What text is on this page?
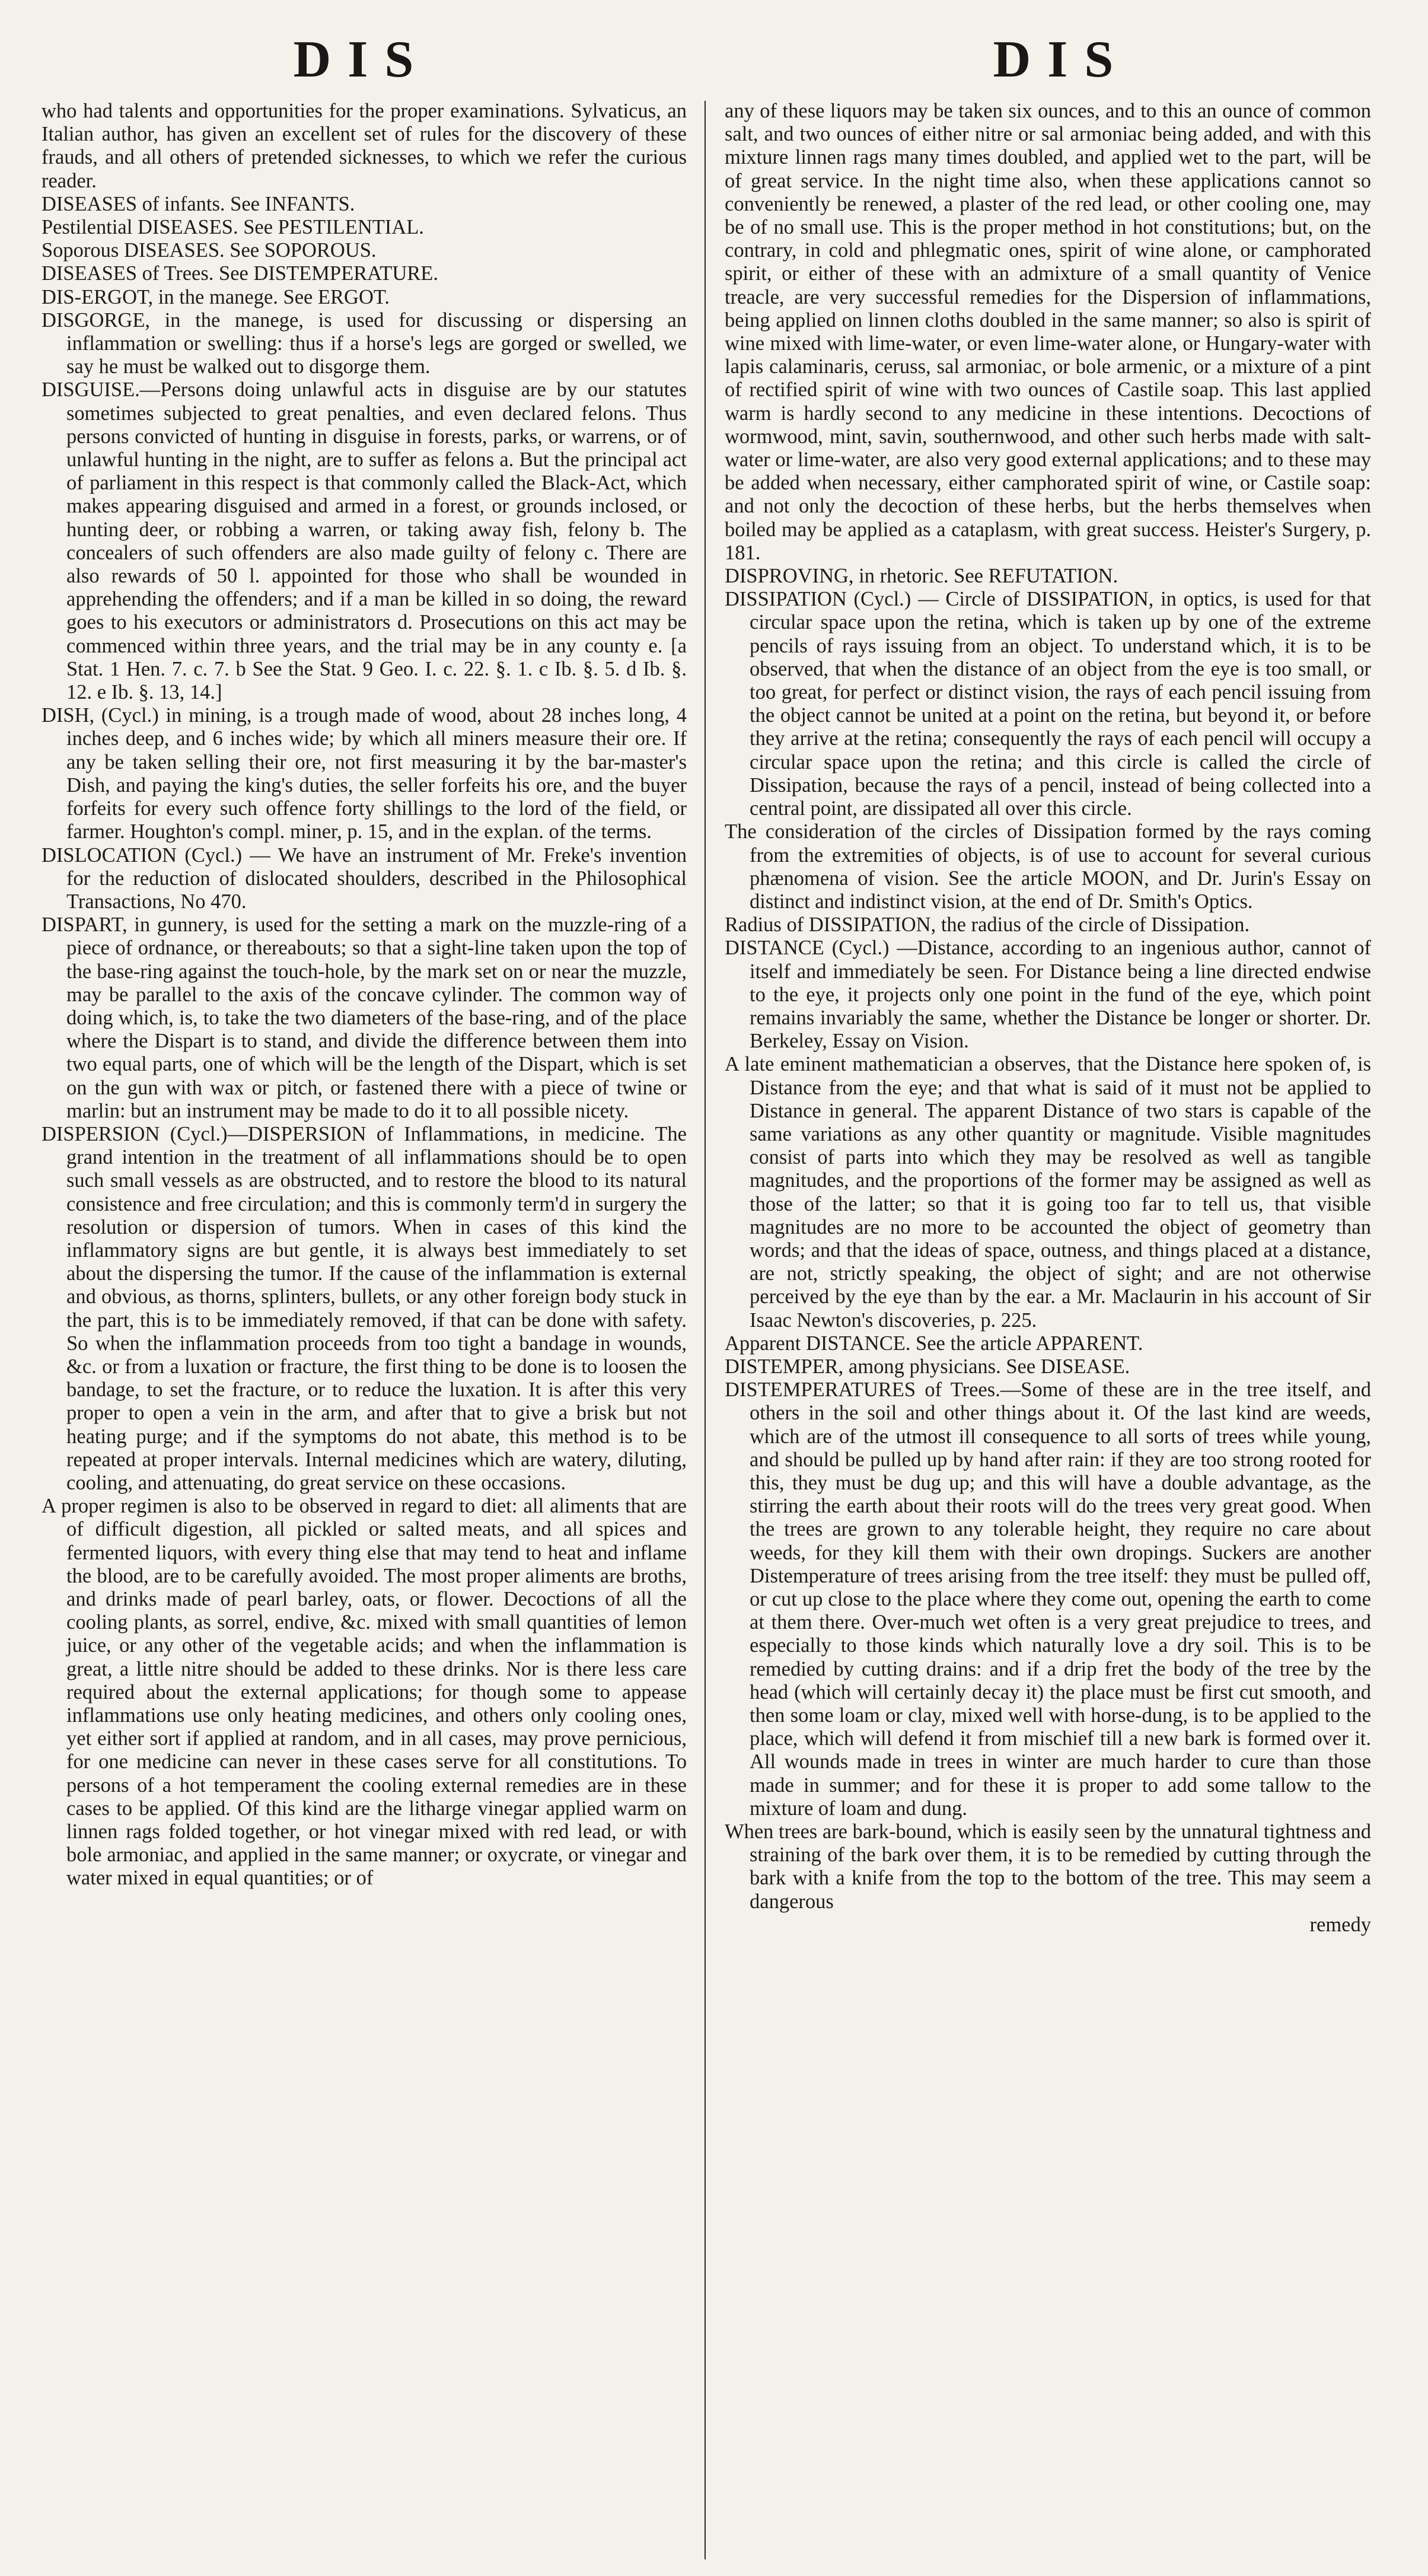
DIS	DIS

who had talents and opportunities for the proper examinations. Sylvaticus, an Italian author, has given an excellent set of rules for the discovery of these frauds, and all others of pretended sicknesses, to which we refer the curious reader.

DISEASES of infants. See INFANTS.

Pestilential DISEASES. See PESTILENTIAL.

Soporous DISEASES. See SOPOROUS.

DISEASES of Trees. See DISTEMPERATURE.

DIS-ERGOT, in the manege. See ERGOT.

DISGORGE, in the manege, is used for discussing or dispersing an inflammation or swelling: thus if a horse's legs are gorged or swelled, we say he must be walked out to disgorge them.

DISGUISE.—Persons doing unlawful acts in disguise are by our statutes sometimes subjected to great penalties, and even declared felons. Thus persons convicted of hunting in disguise in forests, parks, or warrens, or of unlawful hunting in the night, are to suffer as felons a. But the principal act of parliament in this respect is that commonly called the Black-Act, which makes appearing disguised and armed in a forest, or grounds inclosed, or hunting deer, or robbing a warren, or taking away fish, felony b. The concealers of such offenders are also made guilty of felony c. There are also rewards of 50 l. appointed for those who shall be wounded in apprehending the offenders; and if a man be killed in so doing, the reward goes to his executors or administrators d. Prosecutions on this act may be commenced within three years, and the trial may be in any county e. [a Stat. 1 Hen. 7. c. 7. b See the Stat. 9 Geo. I. c. 22. §. 1. c Ib. §. 5. d Ib. §. 12. e Ib. §. 13, 14.]

DISH, (Cycl.) in mining, is a trough made of wood, about 28 inches long, 4 inches deep, and 6 inches wide; by which all miners measure their ore. If any be taken selling their ore, not first measuring it by the bar-master's Dish, and paying the king's duties, the seller forfeits his ore, and the buyer forfeits for every such offence forty shillings to the lord of the field, or farmer. Houghton's compl. miner, p. 15, and in the explan. of the terms.

DISLOCATION (Cycl.) — We have an instrument of Mr. Freke's invention for the reduction of dislocated shoulders, described in the Philosophical Transactions, No 470.

DISPART, in gunnery, is used for the setting a mark on the muzzle-ring of a piece of ordnance, or thereabouts; so that a sight-line taken upon the top of the base-ring against the touch-hole, by the mark set on or near the muzzle, may be parallel to the axis of the concave cylinder. The common way of doing which, is, to take the two diameters of the base-ring, and of the place where the Dispart is to stand, and divide the difference between them into two equal parts, one of which will be the length of the Dispart, which is set on the gun with wax or pitch, or fastened there with a piece of twine or marlin: but an instrument may be made to do it to all possible nicety.

DISPERSION (Cycl.)—DISPERSION of Inflammations, in medicine. The grand intention in the treatment of all inflammations should be to open such small vessels as are obstructed, and to restore the blood to its natural consistence and free circulation; and this is commonly term'd in surgery the resolution or dispersion of tumors. When in cases of this kind the inflammatory signs are but gentle, it is always best immediately to set about the dispersing the tumor. If the cause of the inflammation is external and obvious, as thorns, splinters, bullets, or any other foreign body stuck in the part, this is to be immediately removed, if that can be done with safety. So when the inflammation proceeds from too tight a bandage in wounds, &c. or from a luxation or fracture, the first thing to be done is to loosen the bandage, to set the fracture, or to reduce the luxation. It is after this very proper to open a vein in the arm, and after that to give a brisk but not heating purge; and if the symptoms do not abate, this method is to be repeated at proper intervals. Internal medicines which are watery, diluting, cooling, and attenuating, do great service on these occasions.

A proper regimen is also to be observed in regard to diet: all aliments that are of difficult digestion, all pickled or salted meats, and all spices and fermented liquors, with every thing else that may tend to heat and inflame the blood, are to be carefully avoided. The most proper aliments are broths, and drinks made of pearl barley, oats, or flower. Decoctions of all the cooling plants, as sorrel, endive, &c. mixed with small quantities of lemon juice, or any other of the vegetable acids; and when the inflammation is great, a little nitre should be added to these drinks. Nor is there less care required about the external applications; for though some to appease inflammations use only heating medicines, and others only cooling ones, yet either sort if applied at random, and in all cases, may prove pernicious, for one medicine can never in these cases serve for all constitutions. To persons of a hot temperament the cooling external remedies are in these cases to be applied. Of this kind are the litharge vinegar applied warm on linnen rags folded together, or hot vinegar mixed with red lead, or with bole armoniac, and applied in the same manner; or oxycrate, or vinegar and water mixed in equal quantities; or of

any of these liquors may be taken six ounces, and to this an ounce of common salt, and two ounces of either nitre or sal armoniac being added, and with this mixture linnen rags many times doubled, and applied wet to the part, will be of great service. In the night time also, when these applications cannot so conveniently be renewed, a plaster of the red lead, or other cooling one, may be of no small use. This is the proper method in hot constitutions; but, on the contrary, in cold and phlegmatic ones, spirit of wine alone, or camphorated spirit, or either of these with an admixture of a small quantity of Venice treacle, are very successful remedies for the Dispersion of inflammations, being applied on linnen cloths doubled in the same manner; so also is spirit of wine mixed with lime-water, or even lime-water alone, or Hungary-water with lapis calaminaris, ceruss, sal armoniac, or bole armenic, or a mixture of a pint of rectified spirit of wine with two ounces of Castile soap. This last applied warm is hardly second to any medicine in these intentions. Decoctions of wormwood, mint, savin, southernwood, and other such herbs made with salt-water or lime-water, are also very good external applications; and to these may be added when necessary, either camphorated spirit of wine, or Castile soap: and not only the decoction of these herbs, but the herbs themselves when boiled may be applied as a cataplasm, with great success. Heister's Surgery, p. 181.

DISPROVING, in rhetoric. See REFUTATION.

DISSIPATION (Cycl.) — Circle of DISSIPATION, in optics, is used for that circular space upon the retina, which is taken up by one of the extreme pencils of rays issuing from an object. To understand which, it is to be observed, that when the distance of an object from the eye is too small, or too great, for perfect or distinct vision, the rays of each pencil issuing from the object cannot be united at a point on the retina, but beyond it, or before they arrive at the retina; consequently the rays of each pencil will occupy a circular space upon the retina; and this circle is called the circle of Dissipation, because the rays of a pencil, instead of being collected into a central point, are dissipated all over this circle.

The consideration of the circles of Dissipation formed by the rays coming from the extremities of objects, is of use to account for several curious phænomena of vision. See the article MOON, and Dr. Jurin's Essay on distinct and indistinct vision, at the end of Dr. Smith's Optics.

Radius of DISSIPATION, the radius of the circle of Dissipation.

DISTANCE (Cycl.) —Distance, according to an ingenious author, cannot of itself and immediately be seen. For Distance being a line directed endwise to the eye, it projects only one point in the fund of the eye, which point remains invariably the same, whether the Distance be longer or shorter. Dr. Berkeley, Essay on Vision.

A late eminent mathematician a observes, that the Distance here spoken of, is Distance from the eye; and that what is said of it must not be applied to Distance in general. The apparent Distance of two stars is capable of the same variations as any other quantity or magnitude. Visible magnitudes consist of parts into which they may be resolved as well as tangible magnitudes, and the proportions of the former may be assigned as well as those of the latter; so that it is going too far to tell us, that visible magnitudes are no more to be accounted the object of geometry than words; and that the ideas of space, outness, and things placed at a distance, are not, strictly speaking, the object of sight; and are not otherwise perceived by the eye than by the ear. a Mr. Maclaurin in his account of Sir Isaac Newton's discoveries, p. 225.

Apparent DISTANCE. See the article APPARENT.

DISTEMPER, among physicians. See DISEASE.

DISTEMPERATURES of Trees.—Some of these are in the tree itself, and others in the soil and other things about it. Of the last kind are weeds, which are of the utmost ill consequence to all sorts of trees while young, and should be pulled up by hand after rain: if they are too strong rooted for this, they must be dug up; and this will have a double advantage, as the stirring the earth about their roots will do the trees very great good. When the trees are grown to any tolerable height, they require no care about weeds, for they kill them with their own dropings. Suckers are another Distemperature of trees arising from the tree itself: they must be pulled off, or cut up close to the place where they come out, opening the earth to come at them there. Over-much wet often is a very great prejudice to trees, and especially to those kinds which naturally love a dry soil. This is to be remedied by cutting drains: and if a drip fret the body of the tree by the head (which will certainly decay it) the place must be first cut smooth, and then some loam or clay, mixed well with horse-dung, is to be applied to the place, which will defend it from mischief till a new bark is formed over it. All wounds made in trees in winter are much harder to cure than those made in summer; and for these it is proper to add some tallow to the mixture of loam and dung.

When trees are bark-bound, which is easily seen by the unnatural tightness and straining of the bark over them, it is to be remedied by cutting through the bark with a knife from the top to the bottom of the tree. This may seem a dangerous

remedy
